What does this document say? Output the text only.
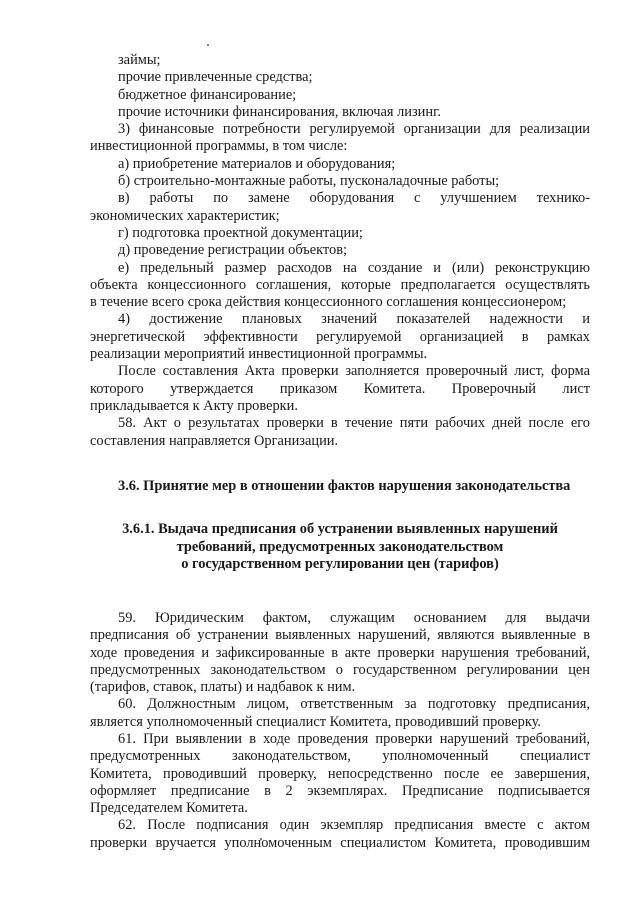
займы;

прочие привлеченные средства;

бюджетное финансирование;

прочие источники финансирования, включая лизинг.

3) финансовые потребности регулируемой организации для реализации
инвестиционной программы, в том числе:

а) приобретение материалов и оборудования;

б) строительно-монтажные работы, пусконаладочные работы;

в) работы по замене оборудования с улучшением технико-
экономических характеристик;

г) подготовка проектной документации;

д) проведение регистрации объектов;

е) предельный размер расходов на создание и (или) реконструкцию
объекта концессионного соглашения, которые предполагается осуществлять
в течение всего срока действия концессионного соглашения концессионером;

4) достижение плановых значений показателей надежности и
энергетической эффективности регулируемой организацией в рамках
реализации мероприятий инвестиционной программы.

После составления Акта проверки заполняется проверочный лист, форма
которого утверждается приказом Комитета. Проверочный лист
прикладывается к Акту проверки.

58. Акт о результатах проверки в течение пяти рабочих дней после его
составления направляется Организации.

3.6. Принятие мер в отношении фактов нарушения законодательства

3.6.1. Выдача предписания об устранении выявленных нарушений
требований, предусмотренных законодательством
о государственном регулировании цен (тарифов)

59. Юридическим фактом, служащим основанием для выдачи
предписания об устранении выявленных нарушений, являются выявленные в
ходе проведения и зафиксированные в акте проверки нарушения требований,
предусмотренных законодательством о государственном регулировании цен
(тарифов, ставок, платы) и надбавок к ним.

60. Должностным лицом, ответственным за подготовку предписания,
является уполномоченный специалист Комитета, проводивший проверку.

61. При выявлении в ходе проведения проверки нарушений требований,
предусмотренных законодательством, уполномоченный специалист
Комитета, проводивший проверку, непосредственно после ее завершения,
оформляет предписание в 2 экземплярах. Предписание подписывается
Председателем Комитета.

62. После подписания один экземпляр предписания вместе с актом
проверки вручается уполномоченным специалистом Комитета, проводившим
